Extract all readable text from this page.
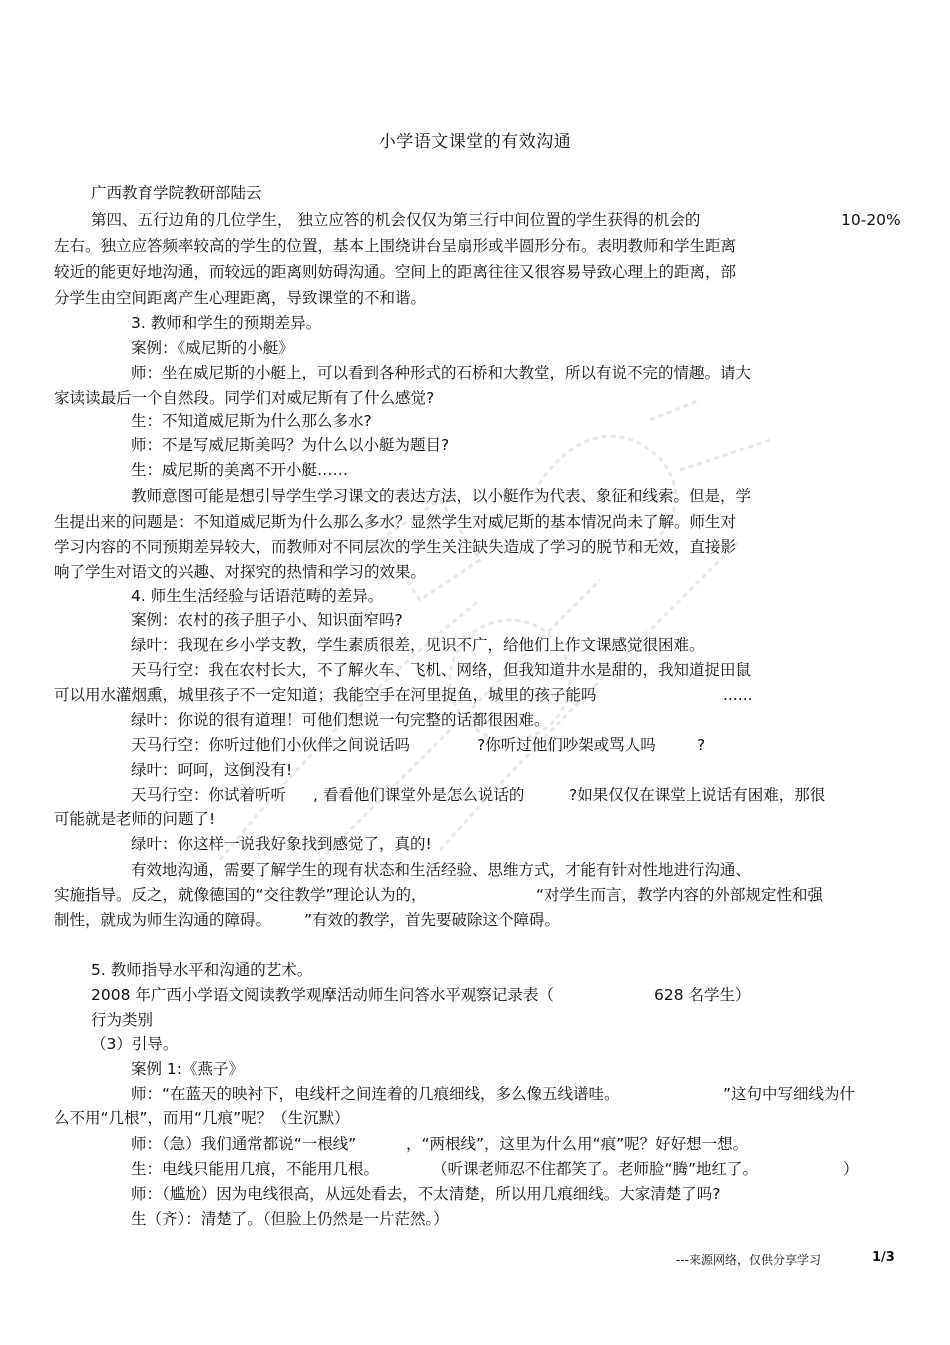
小学语文课堂的有效沟通
广西教育学院教研部陆云
第四、五行边角的几位学生， 独立应答的机会仅仅为第三行中间位置的学生获得的机会的	10-20%
左右。独立应答频率较高的学生的位置，基本上围绕讲台呈扇形或半圆形分布。表明教师和学生距离
较近的能更好地沟通，而较远的距离则妨碍沟通。空间上的距离往往又很容易导致心理上的距离，部
分学生由空间距离产生心理距离，导致课堂的不和谐。
3. 教师和学生的预期差异。
案例：《威尼斯的小艇》
师：坐在威尼斯的小艇上，可以看到各种形式的石桥和大教堂，所以有说不完的情趣。请大
家读读最后一个自然段。同学们对威尼斯有了什么感觉?
生：不知道威尼斯为什么那么多水?
师：不是写威尼斯美吗？为什么以小艇为题目?
生：威尼斯的美离不开小艇……
教师意图可能是想引导学生学习课文的表达方法，以小艇作为代表、象征和线索。但是，学
生提出来的问题是：不知道威尼斯为什么那么多水？显然学生对威尼斯的基本情况尚未了解。师生对
学习内容的不同预期差异较大，而教师对不同层次的学生关注缺失造成了学习的脱节和无效，直接影
响了学生对语文的兴趣、对探究的热情和学习的效果。
4. 师生生活经验与话语范畴的差异。
案例：农村的孩子胆子小、知识面窄吗?
绿叶：我现在乡小学支教，学生素质很差，见识不广，给他们上作文课感觉很困难。
天马行空：我在农村长大，不了解火车、飞机、网络，但我知道井水是甜的，我知道捉田鼠
可以用水灌烟熏，城里孩子不一定知道；我能空手在河里捉鱼，城里的孩子能吗	......
绿叶：你说的很有道理！可他们想说一句完整的话都很困难。
天马行空：你听过他们小伙伴之间说话吗	?你听过他们吵架或骂人吗	?
绿叶：呵呵，这倒没有!
天马行空：你试着听听 , 看看他们课堂外是怎么说话的	?如果仅仅在课堂上说话有困难，那很
可能就是老师的问题了!
绿叶：你这样一说我好象找到感觉了，真的!
有效地沟通，需要了解学生的现有状态和生活经验、思维方式，才能有针对性地进行沟通、
实施指导。反之，就像德国的“交往教学”理论认为的，	“对学生而言，教学内容的外部规定性和强
制性，就成为师生沟通的障碍。 ”有效的教学，首先要破除这个障碍。
5. 教师指导水平和沟通的艺术。
2008 年广西小学语文阅读教学观摩活动师生问答水平观察记录表（	628 名学生）
行为类别
（3）引导。
案例 1:《燕子》
师：“在蓝天的映衬下，电线杆之间连着的几痕细线，多么像五线谱哇。	”这句中写细线为什
么不用“几根”，而用“几痕”呢？（生沉默）
师：（急）我们通常都说“一根线”	，“两根线”，这里为什么用“痕”呢？好好想一想。
生：电线只能用几痕，不能用几根。	（听课老师忍不住都笑了。老师脸“腾”地红了。	）
师：（尴尬）因为电线很高，从远处看去，不太清楚，所以用几痕细线。大家清楚了吗?
生（齐）：清楚了。（但脸上仍然是一片茫然。）
---来源网络，仅供分享学习	1/3
